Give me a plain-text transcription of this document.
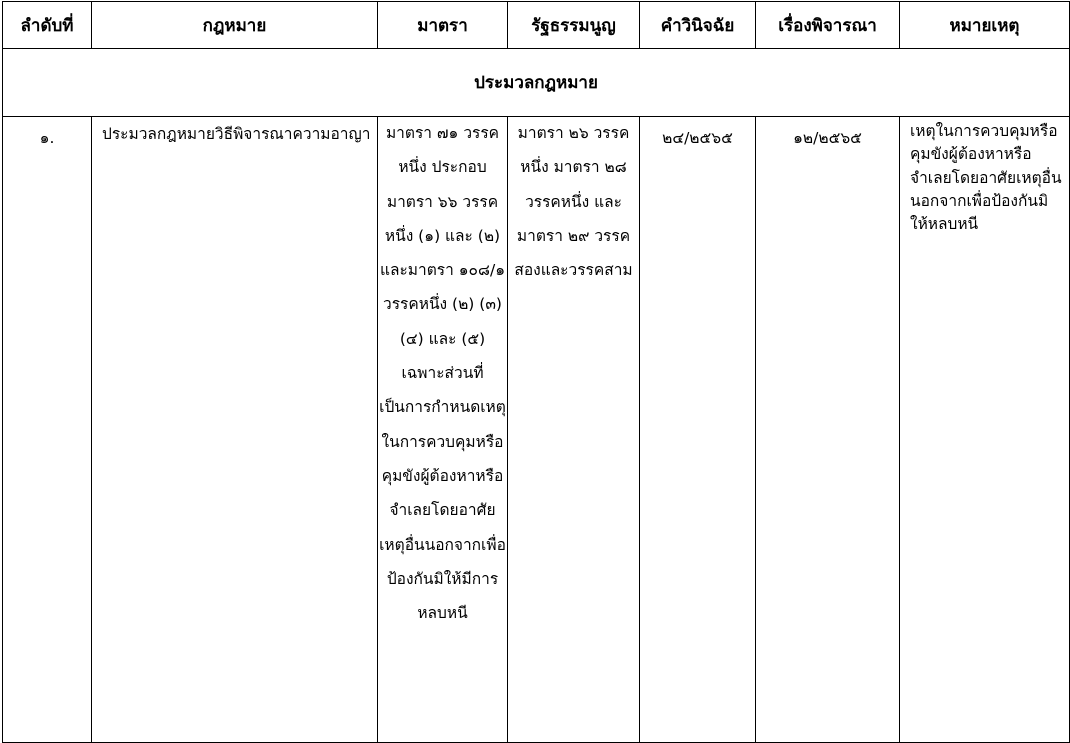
ลำดับที่	กฎหมาย	มาตรา	รัฐธรรมนูญ	คำวินิจฉัย	เรื่องพิจารณา	หมายเหตุ
ประมวลกฎหมาย						
๑.	ประมวลกฎหมายวิธีพิจารณาความอาญา	มาตรา ๗๑ วรรคหนึ่ง ประกอบมาตรา ๖๖ วรรคหนึ่ง (๑) และ (๒) และมาตรา ๑๐๘/๑ วรรคหนึ่ง (๒) (๓) (๔) และ (๕) เฉพาะส่วนที่เป็นการกำหนดเหตุในการควบคุมหรือคุมขังผู้ต้องหาหรือจำเลยโดยอาศัยเหตุอื่นนอกจากเพื่อป้องกันมิให้มีการหลบหนี	มาตรา ๒๖ วรรคหนึ่ง มาตรา ๒๘ วรรคหนึ่ง และ มาตรา ๒๙ วรรคสองและวรรคสาม	๒๔/๒๕๖๕	๑๒/๒๕๖๕	เหตุในการควบคุมหรือคุมขังผู้ต้องหาหรือจำเลยโดยอาศัยเหตุอื่นนอกจากเพื่อป้องกันมิให้หลบหนี
